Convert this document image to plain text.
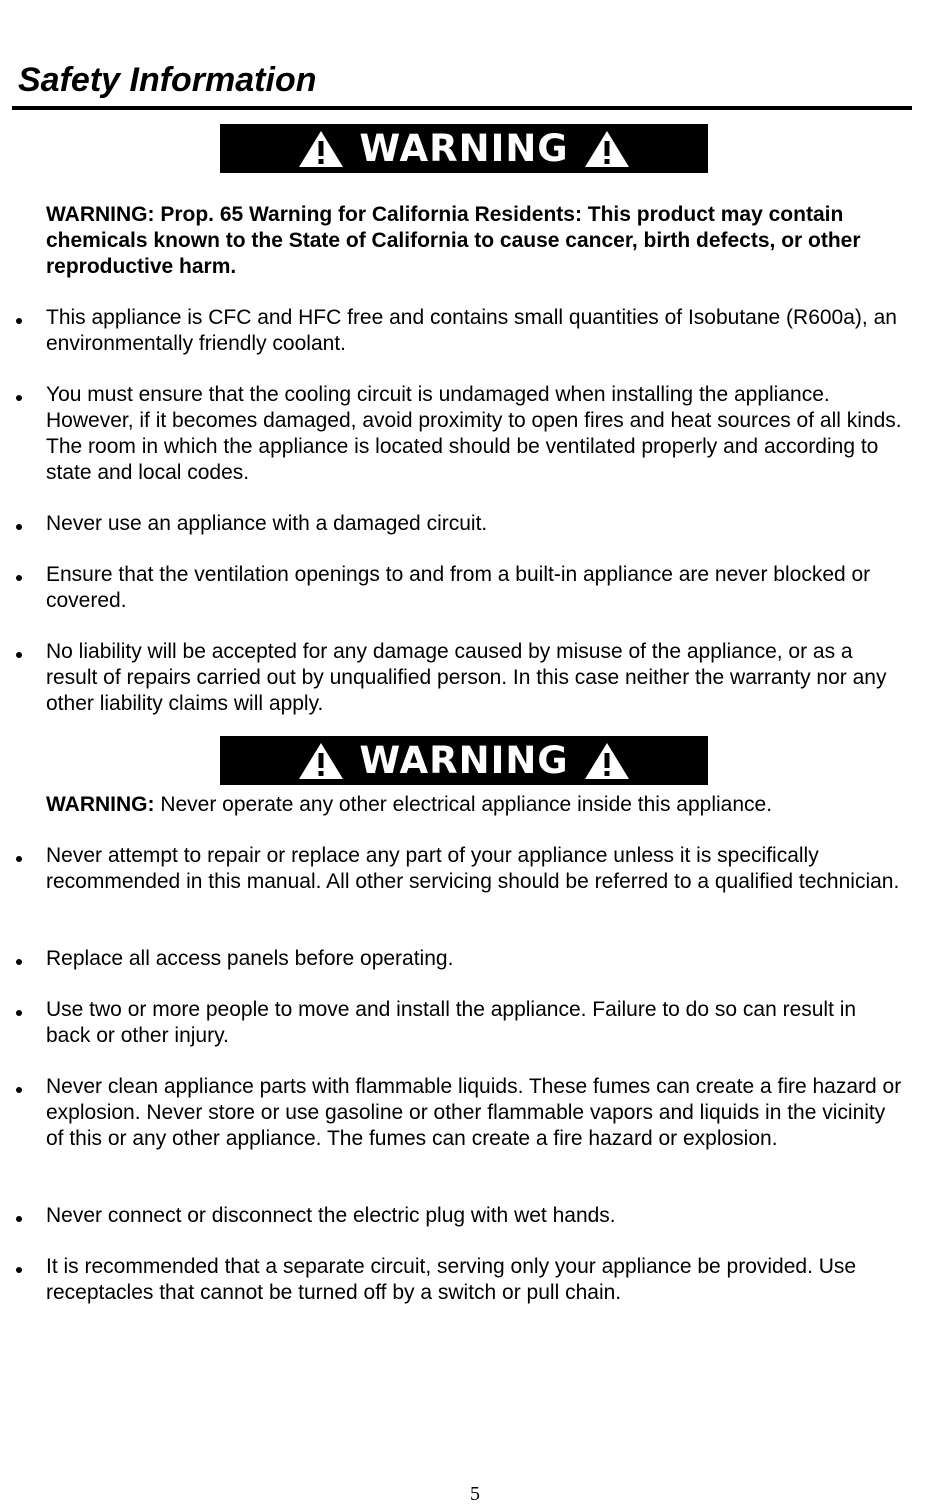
Safety Information
WARNING
WARNING: Prop. 65 Warning for California Residents: This product may contain chemicals known to the State of California to cause cancer, birth defects, or other reproductive harm.
This appliance is CFC and HFC free and contains small quantities of Isobutane (R600a), an environmentally friendly coolant.
You must ensure that the cooling circuit is undamaged when installing the appliance. However, if it becomes damaged, avoid proximity to open fires and heat sources of all kinds. The room in which the appliance is located should be ventilated properly and according to state and local codes.
Never use an appliance with a damaged circuit.
Ensure that the ventilation openings to and from a built-in appliance are never blocked or covered.
No liability will be accepted for any damage caused by misuse of the appliance, or as a result of repairs carried out by unqualified person. In this case neither the warranty nor any other liability claims will apply.
WARNING
WARNING: Never operate any other electrical appliance inside this appliance.
Never attempt to repair or replace any part of your appliance unless it is specifically recommended in this manual. All other servicing should be referred to a qualified technician.
Replace all access panels before operating.
Use two or more people to move and install the appliance. Failure to do so can result in back or other injury.
Never clean appliance parts with flammable liquids. These fumes can create a fire hazard or explosion. Never store or use gasoline or other flammable vapors and liquids in the vicinity of this or any other appliance. The fumes can create a fire hazard or explosion.
Never connect or disconnect the electric plug with wet hands.
It is recommended that a separate circuit, serving only your appliance be provided. Use receptacles that cannot be turned off by a switch or pull chain.
5
